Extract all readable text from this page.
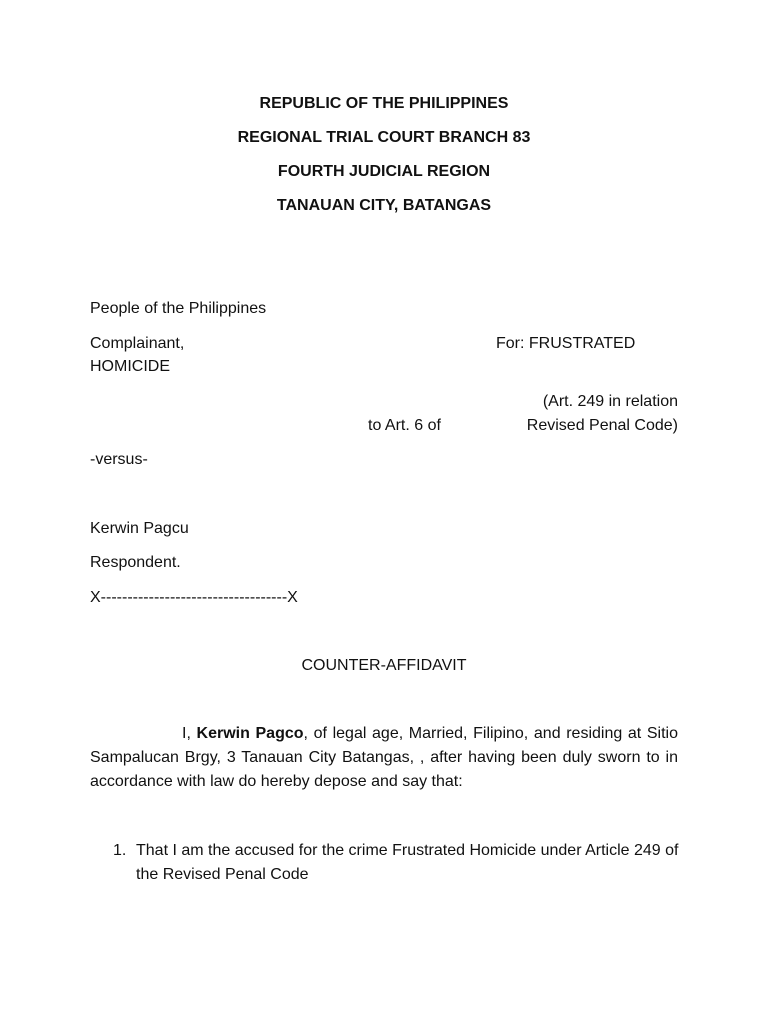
REPUBLIC OF THE PHILIPPINES
REGIONAL TRIAL COURT BRANCH 83
FOURTH JUDICIAL REGION
TANAUAN CITY, BATANGAS
People of the Philippines
Complainant,	For: FRUSTRATED
HOMICIDE
(Art. 249 in relation
to Art. 6 of	Revised Penal Code)
-versus-
Kerwin Pagcu
Respondent.
X-----------------------------------X
COUNTER-AFFIDAVIT
I, Kerwin Pagco, of legal age, Married, Filipino, and residing at Sitio Sampalucan Brgy, 3 Tanauan City Batangas, , after having been duly sworn to in accordance with law do hereby depose and say that:
1. That I am the accused for the crime Frustrated Homicide under Article 249 of the Revised Penal Code
